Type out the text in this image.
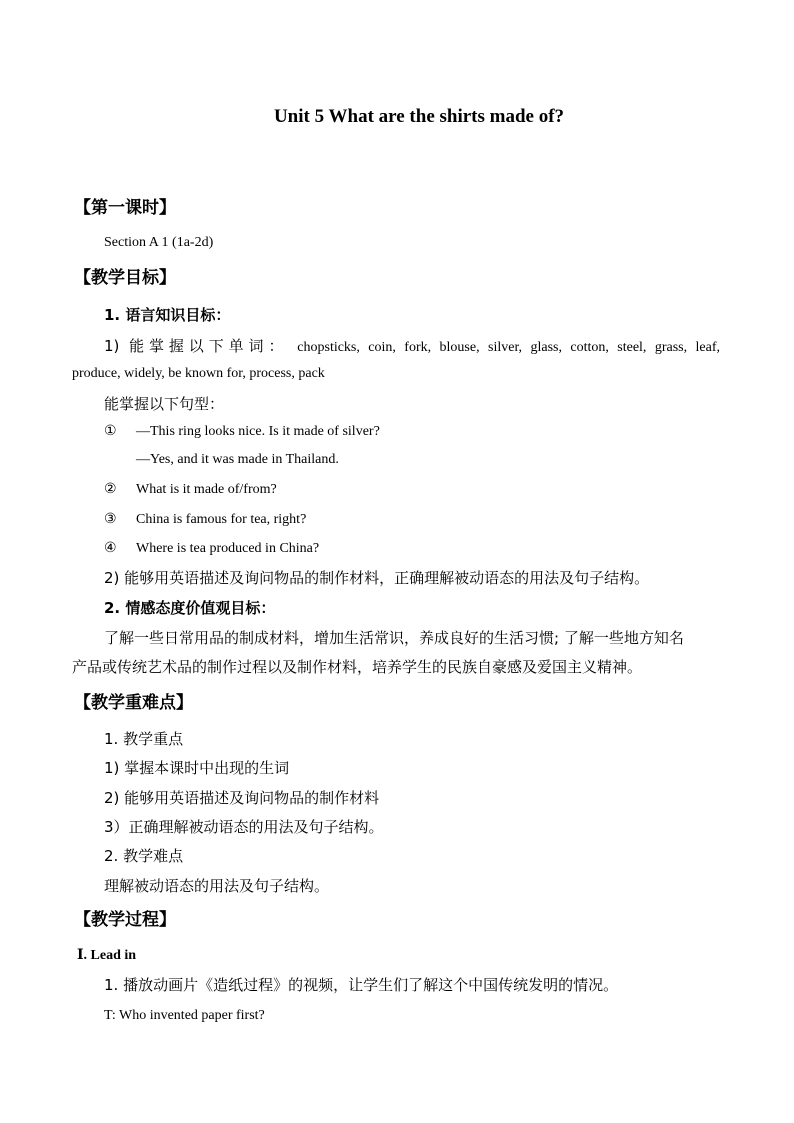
Unit 5 What are the shirts made of?
【第一课时】
Section A 1 (1a-2d)
【教学目标】
1. 语言知识目标：
1) 能掌握以下单词： chopsticks, coin, fork, blouse, silver, glass, cotton, steel, grass, leaf,
produce, widely, be known for, process, pack
能掌握以下句型：
① —This ring looks nice. Is it made of silver?
—Yes, and it was made in Thailand.
② What is it made of/from?
③ China is famous for tea, right?
④ Where is tea produced in China?
2) 能够用英语描述及询问物品的制作材料，正确理解被动语态的用法及句子结构。
2. 情感态度价值观目标：
了解一些日常用品的制成材料，增加生活常识，养成良好的生活习惯; 了解一些地方知名
产品或传统艺术品的制作过程以及制作材料，培养学生的民族自豪感及爱国主义精神。
【教学重难点】
1. 教学重点
1) 掌握本课时中出现的生词
2) 能够用英语描述及询问物品的制作材料
3）正确理解被动语态的用法及句子结构。
2. 教学难点
理解被动语态的用法及句子结构。
【教学过程】
Ⅰ. Lead in
1. 播放动画片《造纸过程》的视频，让学生们了解这个中国传统发明的情况。
T: Who invented paper first?
